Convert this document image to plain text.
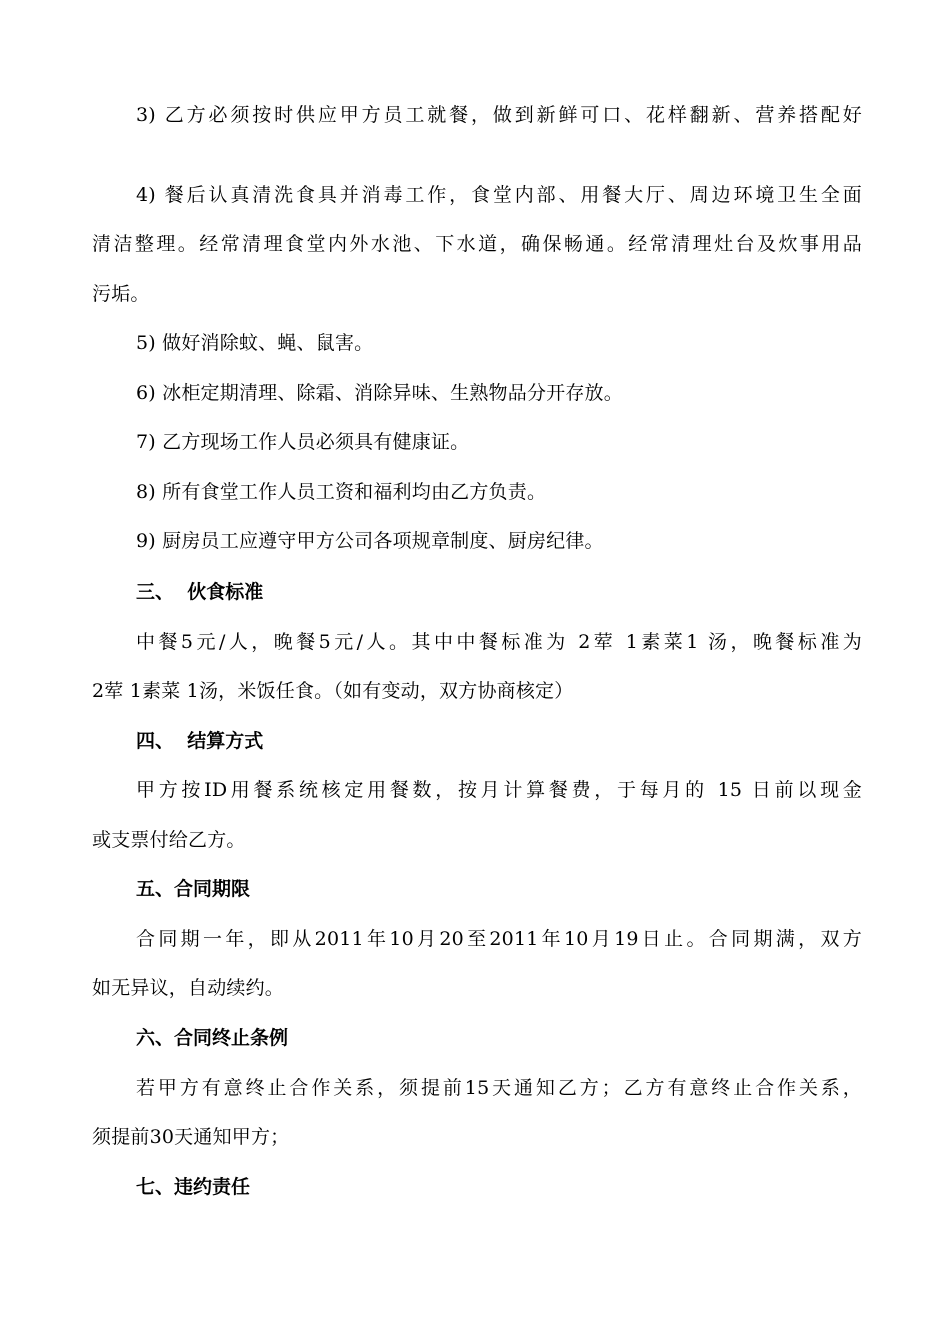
3) 乙方必须按时供应甲方员工就餐，做到新鲜可口、花样翻新、营养搭配好
4) 餐后认真清洗食具并消毒工作，食堂内部、用餐大厅、周边环境卫生全面
清洁整理。经常清理食堂内外水池、下水道，确保畅通。经常清理灶台及炊事用品
污垢。
5) 做好消除蚊、蝇、鼠害。
6) 冰柜定期清理、除霜、消除异味、生熟物品分开存放。
7) 乙方现场工作人员必须具有健康证。
8) 所有食堂工作人员工资和福利均由乙方负责。
9) 厨房员工应遵守甲方公司各项规章制度、厨房纪律。
三、  伙食标准
中餐5元/人，晚餐5元/人。其中中餐标准为 2荤 1素菜1 汤，晚餐标准为
2荤 1素菜 1汤，米饭任食。（如有变动，双方协商核定）
四、  结算方式
甲方按ID用餐系统核定用餐数，按月计算餐费，于每月的 15 日前以现金
或支票付给乙方。
五、合同期限
合同期一年，即从2011年10月20至2011年10月19日止。合同期满，双方
如无异议，自动续约。
六、合同终止条例
若甲方有意终止合作关系，须提前15天通知乙方；乙方有意终止合作关系，
须提前30天通知甲方；
七、违约责任
